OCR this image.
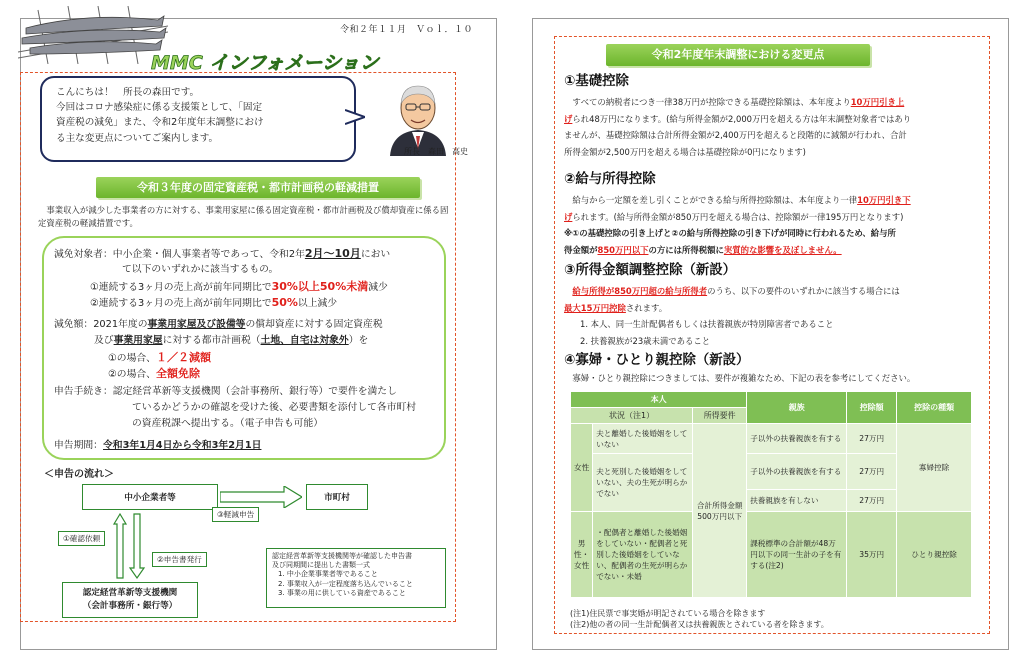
令和２年１１月　Ｖｏｌ．１０
MMC インフォメーション
こんにちは！　所長の森田です。
今回はコロナ感染症に係る支援策として、「固定
資産税の減免」また、令和2年度年末調整におけ
る主な変更点についてご案内します。
所長　森田　高史
令和３年度の固定資産税・都市計画税の軽減措置
事業収入が減少した事業者の方に対する、事業用家屋に係る固定資産税・都市計画税及び償却資産に係る固定資産税の軽減措置です。
減免対象者：中小企業・個人事業者等であって、令和2年2月～10月におい
て以下のいずれかに該当するもの。
①連続する3ヶ月の売上高が前年同期比で30%以上50%未満減少
②連続する3ヶ月の売上高が前年同期比で50%以上減少
減免額：2021年度の事業用家屋及び設備等の償却資産に対する固定資産税
及び事業用家屋に対する都市計画税（土地、自宅は対象外）を
①の場合、１／２減額
②の場合、全額免除
申告手続き：認定経営革新等支援機関（会計事務所、銀行等）で要件を満たし
ているかどうかの確認を受けた後、必要書類を添付して各市町村
の資産税課へ提出する。（電子申告も可能）
申告期間：令和3年1月4日から令和3年2月1日
＜申告の流れ＞
中小企業者等	市町村
認定経営革新等支援機関
（会計事務所・銀行等）
①確認依頼
②申告書発行
③軽減申告
認定経営革新等支援機関等が確認した申告書
及び同期間に提出した書類一式
1. 中小企業事業者等であること
2. 事業収入が一定程度落ち込んでいること
3. 事業の用に供している資産であること
令和2年度年末調整における変更点
①基礎控除
すべての納税者につき一律38万円が控除できる基礎控除額は、本年度より10万円引き上
げられ48万円になります。(給与所得金額が2,000万円を超える方は年末調整対象者ではあり
ませんが、基礎控除額は合計所得金額が2,400万円を超えると段階的に減額が行われ、合計
所得金額が2,500万円を超える場合は基礎控除が0円になります)
②給与所得控除
給与から一定額を差し引くことができる給与所得控除額は、本年度より一律10万円引き下
げられます。(給与所得金額が850万円を超える場合は、控除額が一律195万円となります)
※①の基礎控除の引き上げと②の給与所得控除の引き下げが同時に行われるため、給与所
得金額が850万円以下の方には所得税額に実質的な影響を及ぼしません。
③所得金額調整控除（新設）
給与所得が850万円超の給与所得者のうち、以下の要件のいずれかに該当する場合には
最大15万円控除されます。
1. 本人、同一生計配偶者もしくは扶養親族が特別障害者であること
2. 扶養親族が23歳未満であること
④寡婦・ひとり親控除（新設）
寡婦・ひとり親控除につきましては、要件が複雑なため、下記の表を参考にしてください。
本人			親族	控除額	控除の種類
状況（注1）		所得要件			
女性	夫と離婚した後婚姻をしていない	合計所得金額500万円以下	子以外の扶養親族を有する	27万円	寡婦控除
	夫と死別した後婚姻をしていない、夫の生死が明らかでない		子以外の扶養親族を有する	27万円	
			扶養親族を有しない	27万円	
男性・女性	・配偶者と離婚した後婚姻をしていない・配偶者と死別した後婚姻をしていない、配偶者の生死が明らかでない・未婚		課税標準の合計額が48万円以下の同一生計の子を有する(注2)	35万円	ひとり親控除
(注1)住民票で事実婚が明記されている場合を除きます
(注2)他の者の同一生計配偶者又は扶養親族とされている者を除きます。
